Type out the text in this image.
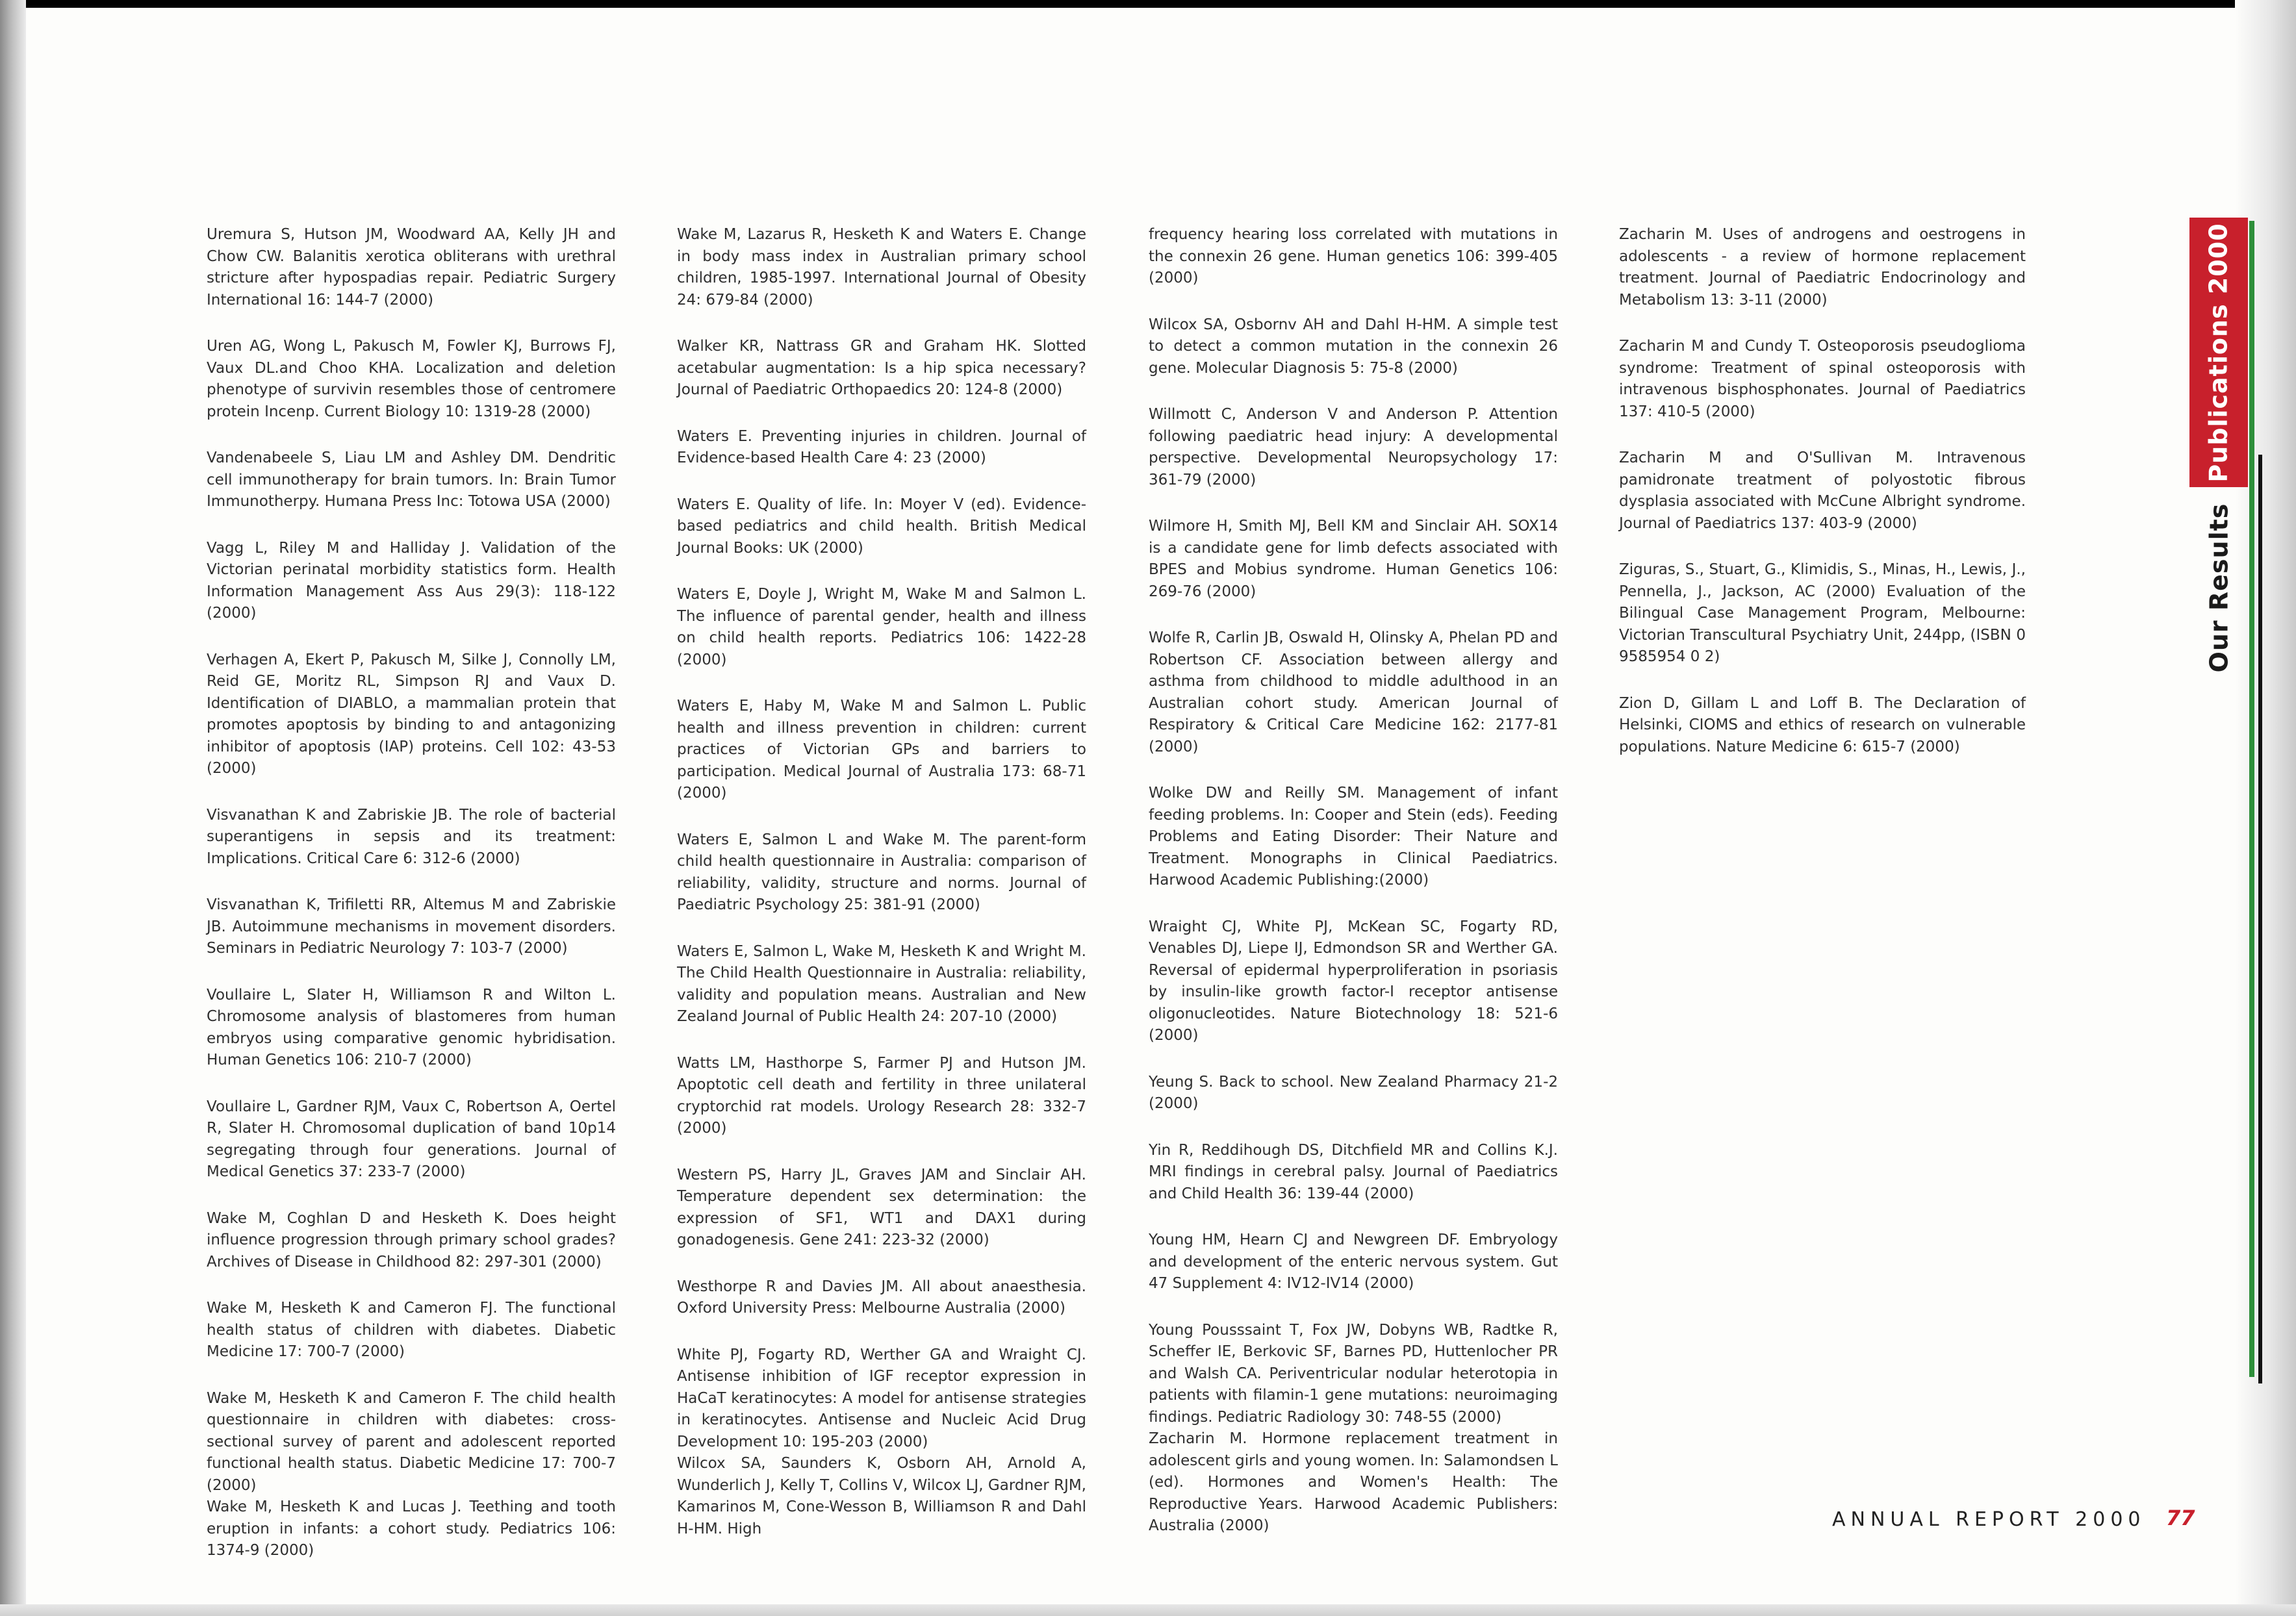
Uremura S, Hutson JM, Woodward AA, Kelly JH and Chow CW. Balanitis xerotica obliterans with urethral stricture after hypospadias repair. Pediatric Surgery International 16: 144-7 (2000)

Uren AG, Wong L, Pakusch M, Fowler KJ, Burrows FJ, Vaux DL.and Choo KHA. Localization and deletion phenotype of survivin resembles those of centromere protein Incenp. Current Biology 10: 1319-28 (2000)

Vandenabeele S, Liau LM and Ashley DM. Dendritic cell immunotherapy for brain tumors. In: Brain Tumor Immunotherpy. Humana Press Inc: Totowa USA (2000)

Vagg L, Riley M and Halliday J. Validation of the Victorian perinatal morbidity statistics form. Health Information Management Ass Aus 29(3): 118-122 (2000)

Verhagen A, Ekert P, Pakusch M, Silke J, Connolly LM, Reid GE, Moritz RL, Simpson RJ and Vaux D. Identification of DIABLO, a mammalian protein that promotes apoptosis by binding to and antagonizing inhibitor of apoptosis (IAP) proteins. Cell 102: 43-53 (2000)

Visvanathan K and Zabriskie JB. The role of bacterial superantigens in sepsis and its treatment: Implications. Critical Care 6: 312-6 (2000)

Visvanathan K, Trifiletti RR, Altemus M and Zabriskie JB. Autoimmune mechanisms in movement disorders. Seminars in Pediatric Neurology 7: 103-7 (2000)

Voullaire L, Slater H, Williamson R and Wilton L. Chromosome analysis of blastomeres from human embryos using comparative genomic hybridisation. Human Genetics 106: 210-7 (2000)

Voullaire L, Gardner RJM, Vaux C, Robertson A, Oertel R, Slater H. Chromosomal duplication of band 10p14 segregating through four generations. Journal of Medical Genetics 37: 233-7 (2000)

Wake M, Coghlan D and Hesketh K. Does height influence progression through primary school grades? Archives of Disease in Childhood 82: 297-301 (2000)

Wake M, Hesketh K and Cameron FJ. The functional health status of children with diabetes. Diabetic Medicine 17: 700-7 (2000)

Wake M, Hesketh K and Cameron F. The child health questionnaire in children with diabetes: cross-sectional survey of parent and adolescent reported functional health status. Diabetic Medicine 17: 700-7 (2000)

Wake M, Hesketh K and Lucas J. Teething and tooth eruption in infants: a cohort study. Pediatrics 106: 1374-9 (2000)

Wake M, Lazarus R, Hesketh K and Waters E. Change in body mass index in Australian primary school children, 1985-1997. International Journal of Obesity 24: 679-84 (2000)

Walker KR, Nattrass GR and Graham HK. Slotted acetabular augmentation: Is a hip spica necessary? Journal of Paediatric Orthopaedics 20: 124-8 (2000)

Waters E. Preventing injuries in children. Journal of Evidence-based Health Care 4: 23 (2000)

Waters E. Quality of life. In: Moyer V (ed). Evidence-based pediatrics and child health. British Medical Journal Books: UK (2000)

Waters E, Doyle J, Wright M, Wake M and Salmon L. The influence of parental gender, health and illness on child health reports. Pediatrics 106: 1422-28 (2000)

Waters E, Haby M, Wake M and Salmon L. Public health and illness prevention in children: current practices of Victorian GPs and barriers to participation. Medical Journal of Australia 173: 68-71 (2000)

Waters E, Salmon L and Wake M. The parent-form child health questionnaire in Australia: comparison of reliability, validity, structure and norms. Journal of Paediatric Psychology 25: 381-91 (2000)

Waters E, Salmon L, Wake M, Hesketh K and Wright M. The Child Health Questionnaire in Australia: reliability, validity and population means. Australian and New Zealand Journal of Public Health 24: 207-10 (2000)

Watts LM, Hasthorpe S, Farmer PJ and Hutson JM. Apoptotic cell death and fertility in three unilateral cryptorchid rat models. Urology Research 28: 332-7 (2000)

Western PS, Harry JL, Graves JAM and Sinclair AH. Temperature dependent sex determination: the expression of SF1, WT1 and DAX1 during gonadogenesis. Gene 241: 223-32 (2000)

Westhorpe R and Davies JM. All about anaesthesia. Oxford University Press: Melbourne Australia (2000)

White PJ, Fogarty RD, Werther GA and Wraight CJ. Antisense inhibition of IGF receptor expression in HaCaT keratinocytes: A model for antisense strategies in keratinocytes. Antisense and Nucleic Acid Drug Development 10: 195-203 (2000)

Wilcox SA, Saunders K, Osborn AH, Arnold A, Wunderlich J, Kelly T, Collins V, Wilcox LJ, Gardner RJM, Kamarinos M, Cone-Wesson B, Williamson R and Dahl H-HM. High

frequency hearing loss correlated with mutations in the connexin 26 gene. Human genetics 106: 399-405 (2000)

Wilcox SA, Osbornv AH and Dahl H-HM. A simple test to detect a common mutation in the connexin 26 gene. Molecular Diagnosis 5: 75-8 (2000)

Willmott C, Anderson V and Anderson P. Attention following paediatric head injury: A developmental perspective. Developmental Neuropsychology 17: 361-79 (2000)

Wilmore H, Smith MJ, Bell KM and Sinclair AH. SOX14 is a candidate gene for limb defects associated with BPES and Mobius syndrome. Human Genetics 106: 269-76 (2000)

Wolfe R, Carlin JB, Oswald H, Olinsky A, Phelan PD and Robertson CF. Association between allergy and asthma from childhood to middle adulthood in an Australian cohort study. American Journal of Respiratory & Critical Care Medicine 162: 2177-81 (2000)

Wolke DW and Reilly SM. Management of infant feeding problems. In: Cooper and Stein (eds). Feeding Problems and Eating Disorder: Their Nature and Treatment. Monographs in Clinical Paediatrics. Harwood Academic Publishing:(2000)

Wraight CJ, White PJ, McKean SC, Fogarty RD, Venables DJ, Liepe IJ, Edmondson SR and Werther GA. Reversal of epidermal hyperproliferation in psoriasis by insulin-like growth factor-I receptor antisense oligonucleotides. Nature Biotechnology 18: 521-6 (2000)

Yeung S. Back to school. New Zealand Pharmacy 21-2 (2000)

Yin R, Reddihough DS, Ditchfield MR and Collins K.J. MRI findings in cerebral palsy. Journal of Paediatrics and Child Health 36: 139-44 (2000)

Young HM, Hearn CJ and Newgreen DF. Embryology and development of the enteric nervous system. Gut 47 Supplement 4: IV12-IV14 (2000)

Young Pousssaint T, Fox JW, Dobyns WB, Radtke R, Scheffer IE, Berkovic SF, Barnes PD, Huttenlocher PR and Walsh CA. Periventricular nodular heterotopia in patients with filamin-1 gene mutations: neuroimaging findings. Pediatric Radiology 30: 748-55 (2000)

Zacharin M. Hormone replacement treatment in adolescent girls and young women. In: Salamondsen L (ed). Hormones and Women's Health: The Reproductive Years. Harwood Academic Publishers: Australia (2000)

Zacharin M. Uses of androgens and oestrogens in adolescents - a review of hormone replacement treatment. Journal of Paediatric Endocrinology and Metabolism 13: 3-11 (2000)

Zacharin M and Cundy T. Osteoporosis pseudoglioma syndrome: Treatment of spinal osteoporosis with intravenous bisphosphonates. Journal of Paediatrics 137: 410-5 (2000)

Zacharin M and O'Sullivan M. Intravenous pamidronate treatment of polyostotic fibrous dysplasia associated with McCune Albright syndrome. Journal of Paediatrics 137: 403-9 (2000)

Ziguras, S., Stuart, G., Klimidis, S., Minas, H., Lewis, J., Pennella, J., Jackson, AC (2000) Evaluation of the Bilingual Case Management Program, Melbourne: Victorian Transcultural Psychiatry Unit, 244pp, (ISBN 0 9585954 0 2)

Zion D, Gillam L and Loff B. The Declaration of Helsinki, CIOMS and ethics of research on vulnerable populations. Nature Medicine 6: 615-7 (2000)

Publications 2000
Our Results
ANNUAL REPORT 2000 77
